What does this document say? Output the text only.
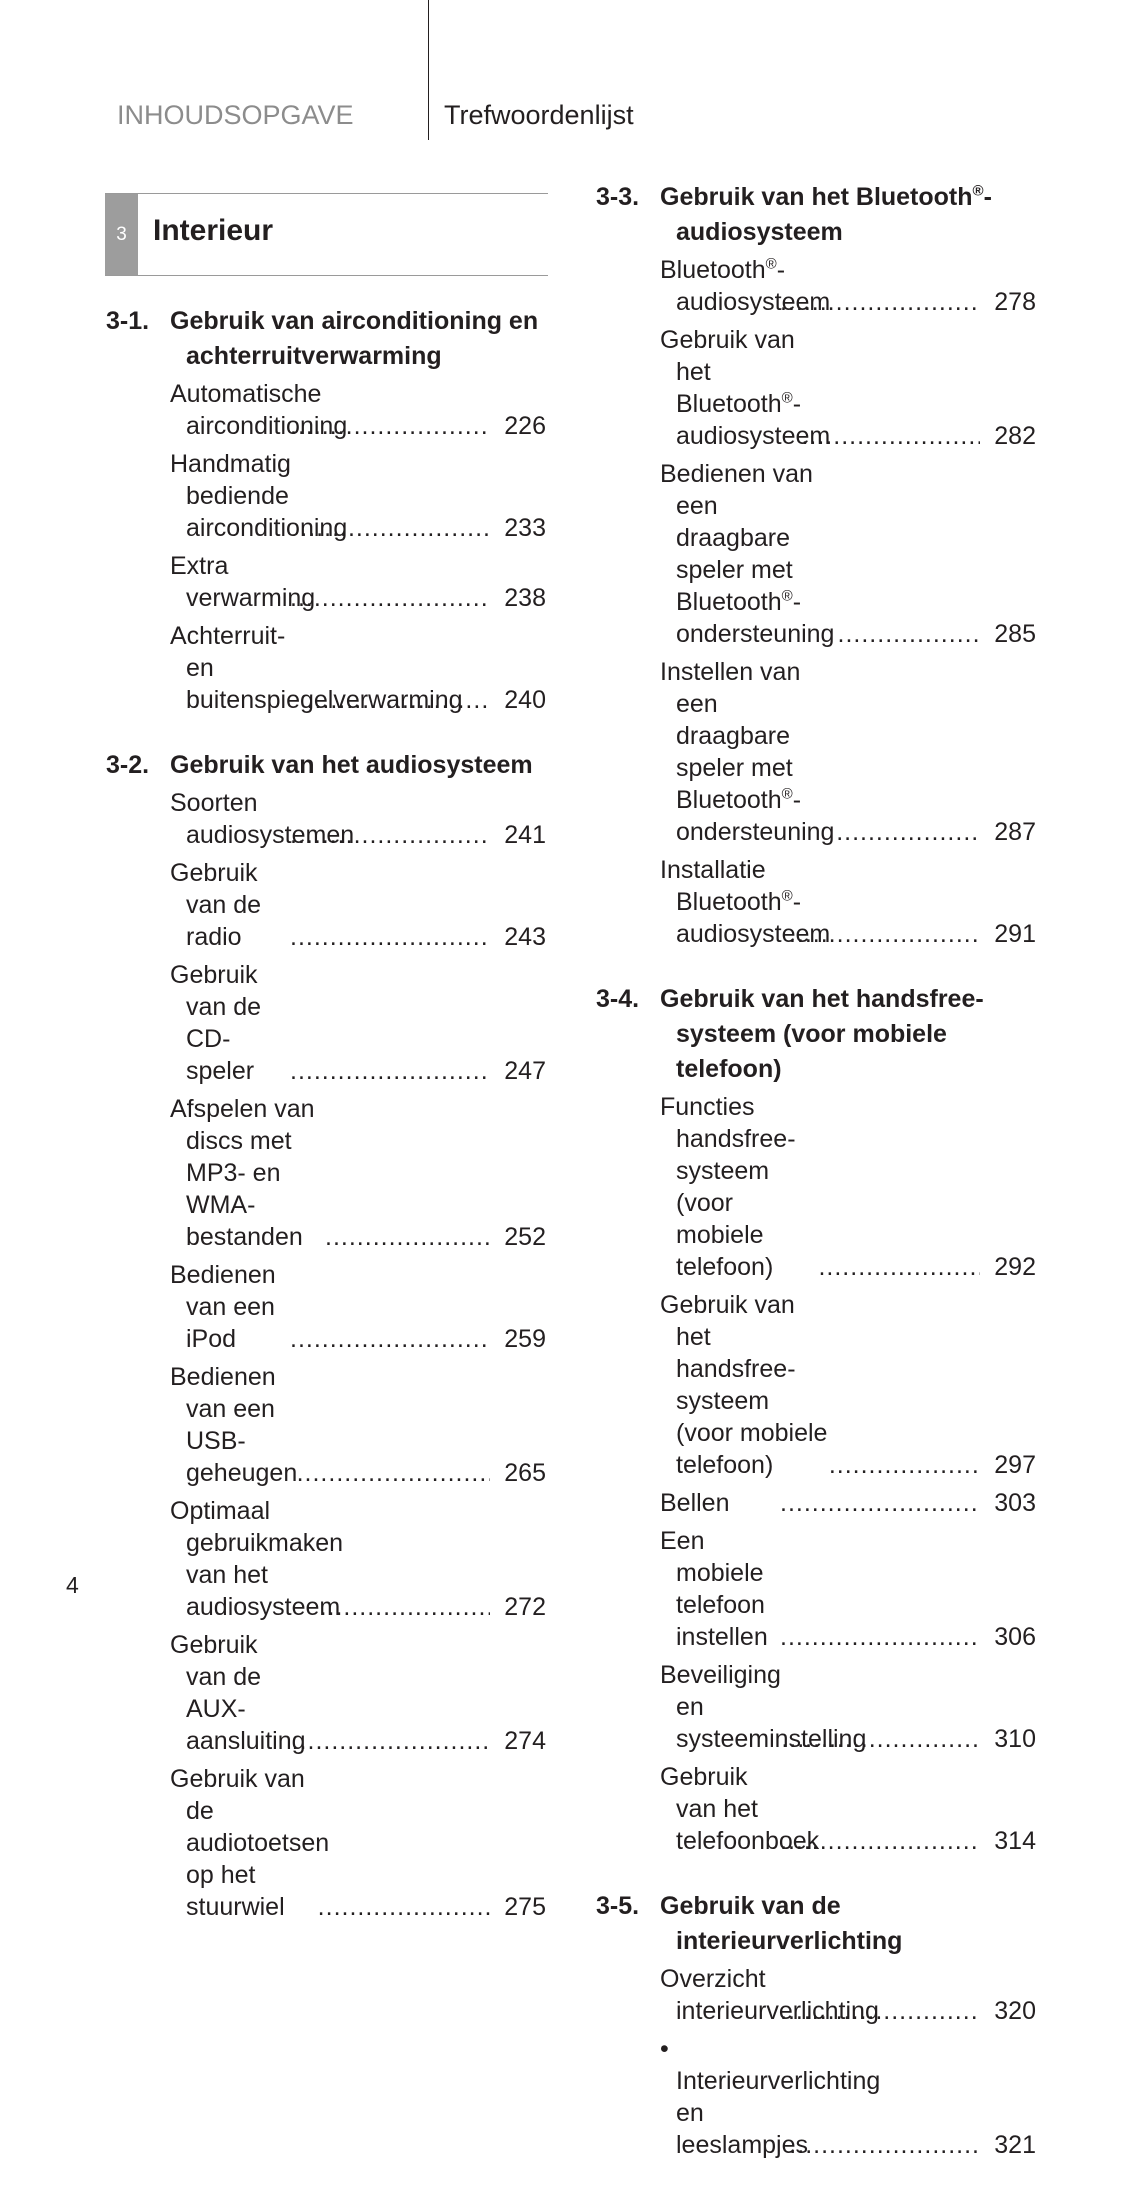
INHOUDSOPGAVE	Trefwoordenlijst
3 Interieur
3-1. Gebruik van airconditioning en achterruitverwarming
Automatische airconditioning .....	226
Handmatig bediende airconditioning .....	233
Extra verwarming .....	238
Achterruit- en buitenspiegelverwarming .....	240
3-2. Gebruik van het audiosysteem
Soorten audiosystemen .....	241
Gebruik van de radio .....	243
Gebruik van de CD-speler .....	247
Afspelen van discs met MP3- en WMA-bestanden .....	252
Bedienen van een iPod .....	259
Bedienen van een USB-geheugen .....	265
Optimaal gebruikmaken van het audiosysteem .....	272
Gebruik van de AUX-aansluiting .....	274
Gebruik van de audiotoetsen op het stuurwiel .....	275
3-3. Gebruik van het Bluetooth®-audiosysteem
Bluetooth®-audiosysteem .....	278
Gebruik van het Bluetooth®-audiosysteem .....	282
Bedienen van een draagbare speler met Bluetooth®-ondersteuning .....	285
Instellen van een draagbare speler met Bluetooth®-ondersteuning .....	287
Installatie Bluetooth®-audiosysteem .....	291
3-4. Gebruik van het handsfree-systeem (voor mobiele telefoon)
Functies handsfree-systeem (voor mobiele telefoon) .....	292
Gebruik van het handsfree-systeem (voor mobiele telefoon) .....	297
Bellen .....	303
Een mobiele telefoon instellen .....	306
Beveiliging en systeeminstelling .....	310
Gebruik van het telefoonboek .....	314
3-5. Gebruik van de interieurverlichting
Overzicht interieurverlichting .....	320
• Interieurverlichting en leeslampjes .....	321
4
